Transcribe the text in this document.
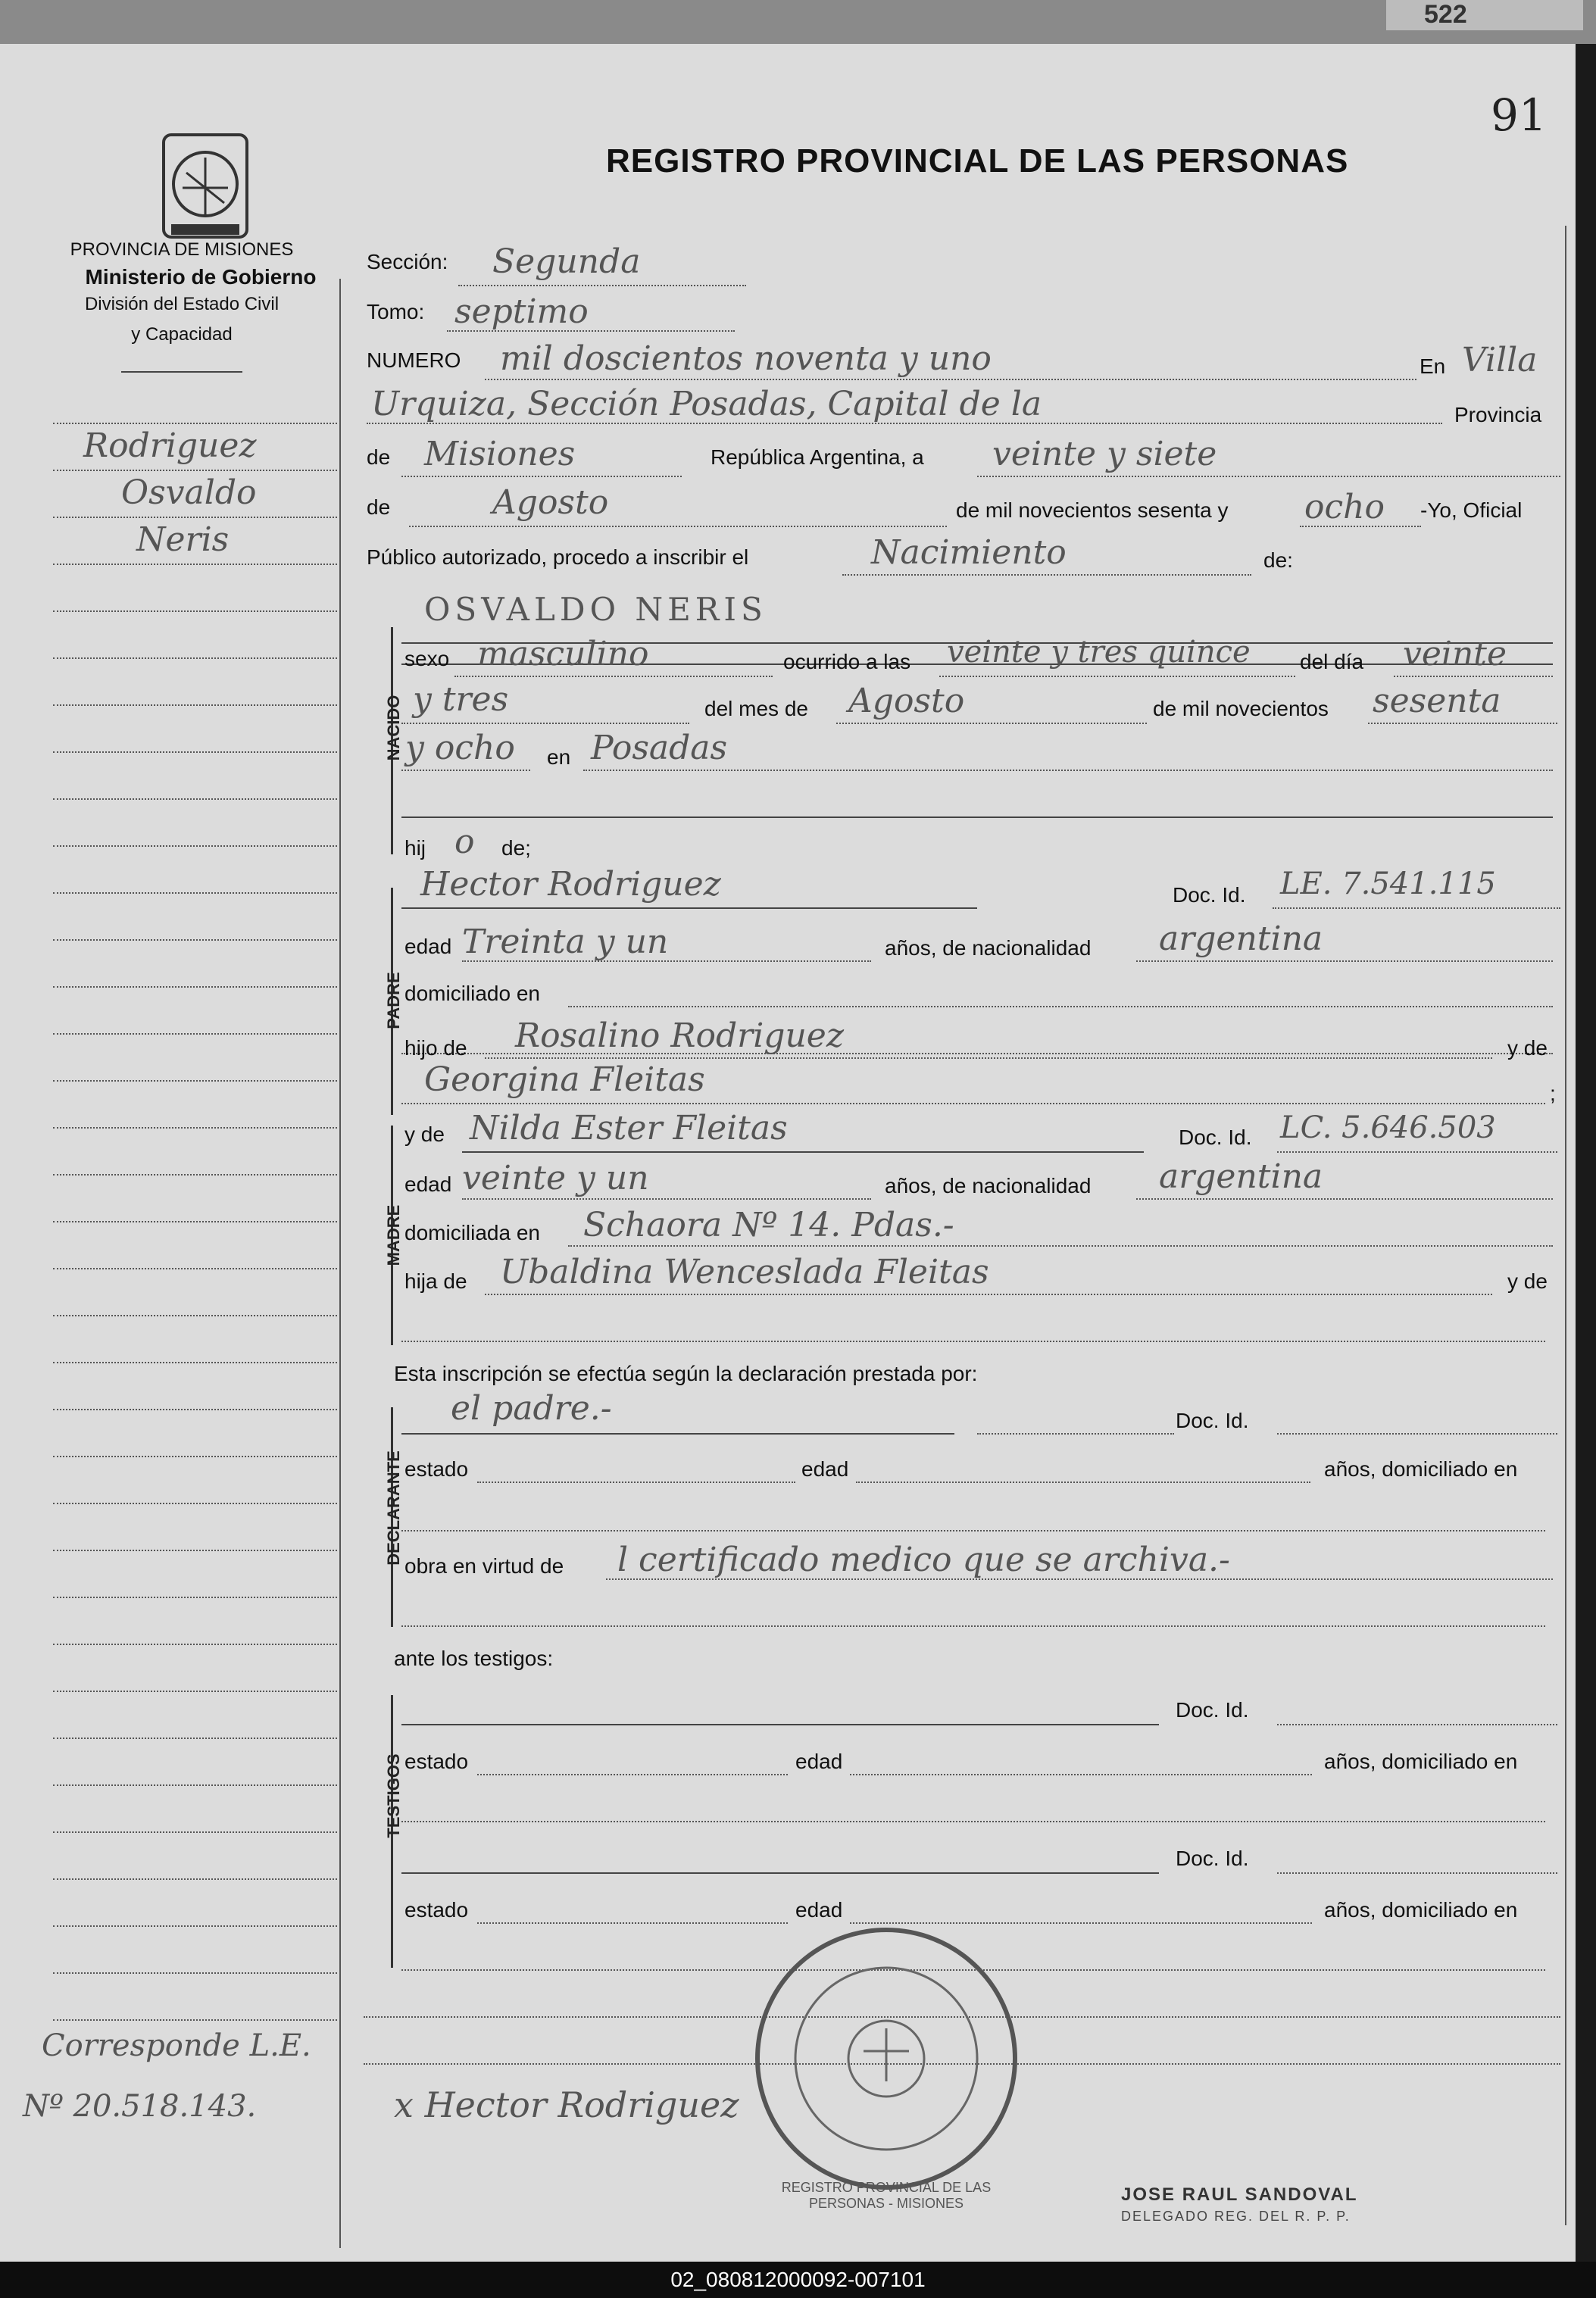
522
91
PROVINCIA DE MISIONES
Ministerio de Gobierno
División del Estado Civil
y Capacidad
REGISTRO PROVINCIAL DE LAS PERSONAS
Rodriguez
Osvaldo
Neris
Corresponde L.E.
Nº 20.518.143.
Sección: Segunda
Tomo: septimo
NUMERO mil doscientos noventa y uno	En Villa
Urquiza, Sección Posadas, Capital de la	Provincia
de Misiones	República Argentina, a veinte y siete
de	Agosto	de mil novecientos sesenta y ocho -Yo, Oficial
Público autorizado, procedo a inscribir el	Nacimiento	de:
NACIDO
OSVALDO NERIS
sexo masculino	ocurrido a las veinte y tres quince del día veinte
y tres	del mes de Agosto	de mil novecientos sesenta
y ocho en Posadas
hij o de;
PADRE
Hector Rodriguez	Doc. Id. LE. 7.541.115
edad Treinta y un	años, de nacionalidad argentina
domiciliado en
hijo de Rosalino Rodriguez	y de
Georgina Fleitas	;
MADRE
y de Nilda Ester Fleitas	Doc. Id. LC. 5.646.503
edad veinte y un	años, de nacionalidad argentina
domiciliada en Schaora Nº 14. Pdas.-
hija de Ubaldina Wenceslada Fleitas	y de
Esta inscripción se efectúa según la declaración prestada por:
DECLARANTE
el padre.-	Doc. Id.
estado	edad	años, domiciliado en
obra en virtud de l certificado medico que se archiva.-
ante los testigos:
TESTIGOS
Doc. Id.
estado	edad	años, domiciliado en
Doc. Id.
estado	edad	años, domiciliado en
x Hector Rodriguez
REGISTRO PROVINCIAL DE LAS PERSONAS - MISIONES	JOSE RAUL SANDOVAL
DELEGADO REG. DEL R. P. P.
02_080812000092-007101
